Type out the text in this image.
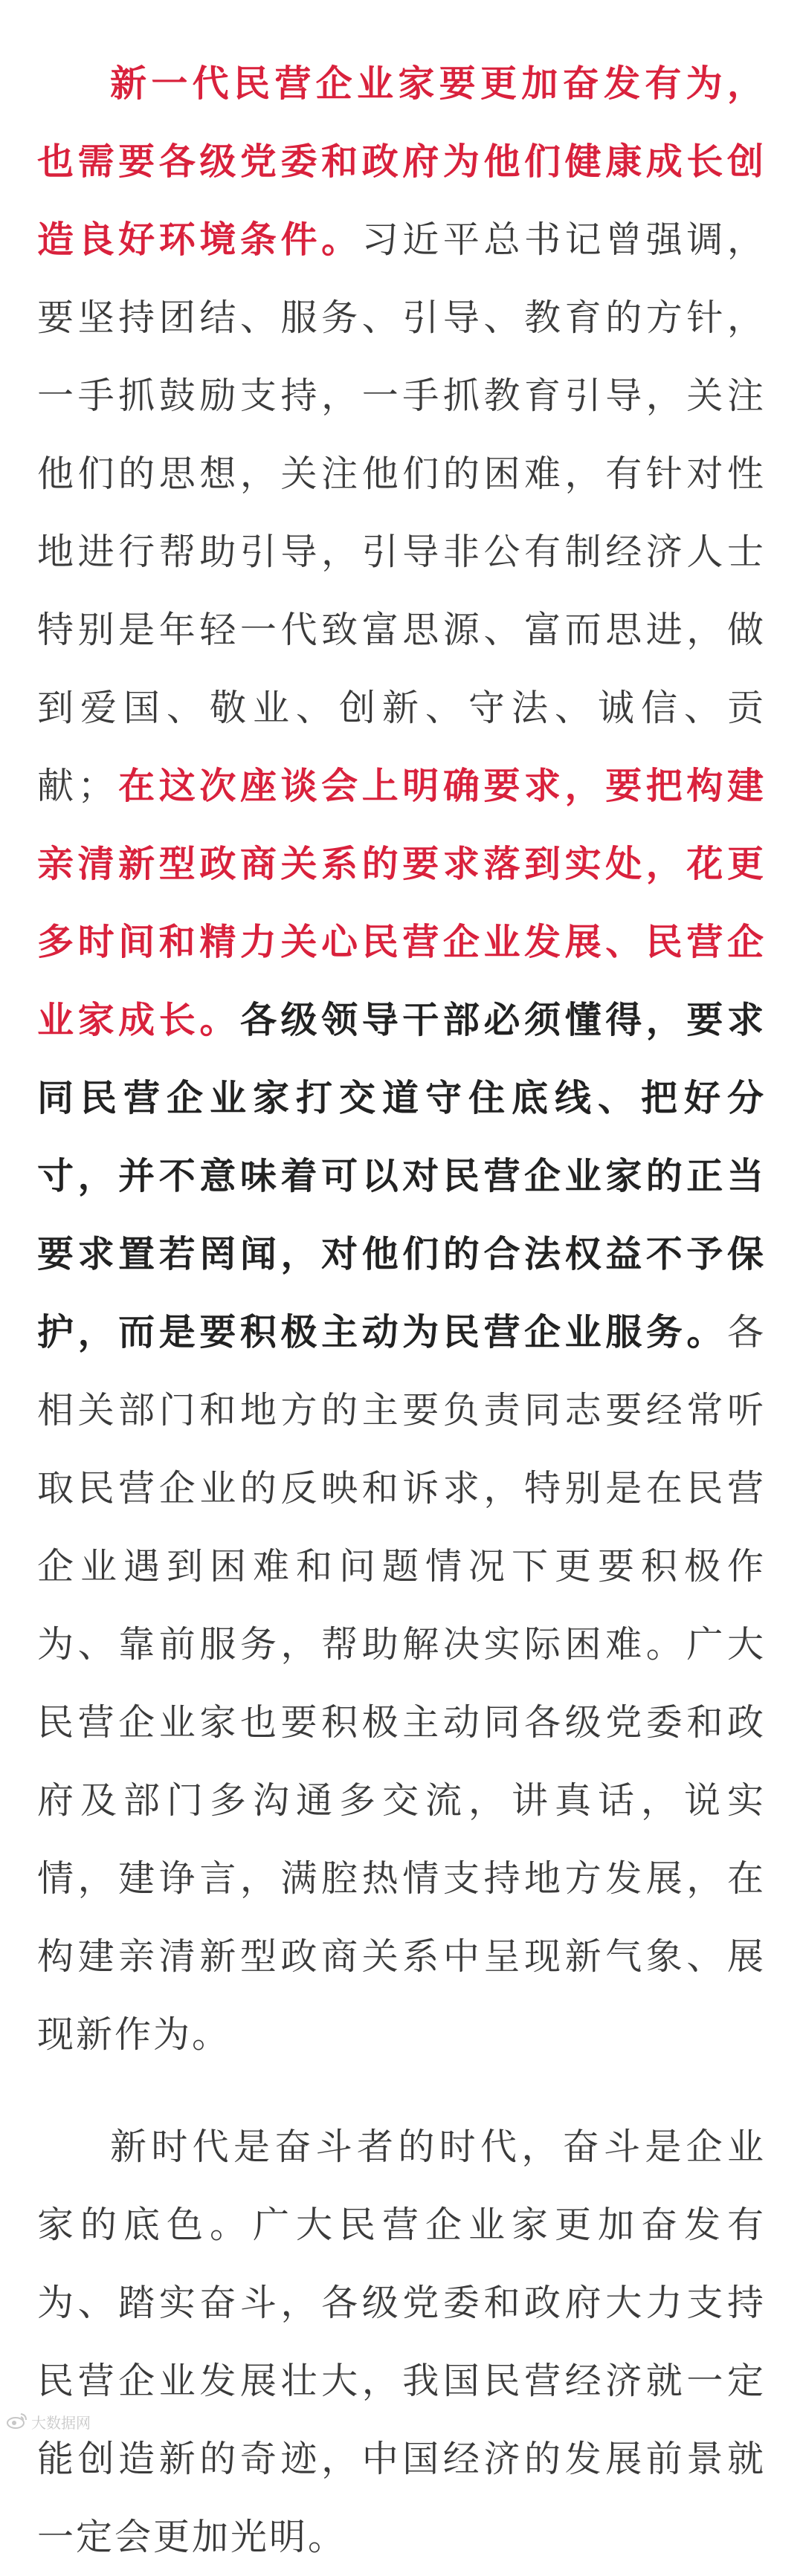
新一代民营企业家要更加奋发有为，也需要各级党委和政府为他们健康成长创造良好环境条件。习近平总书记曾强调，要坚持团结、服务、引导、教育的方针，一手抓鼓励支持，一手抓教育引导，关注他们的思想，关注他们的困难，有针对性地进行帮助引导，引导非公有制经济人士特别是年轻一代致富思源、富而思进，做到爱国、敬业、创新、守法、诚信、贡献；在这次座谈会上明确要求，要把构建亲清新型政商关系的要求落到实处，花更多时间和精力关心民营企业发展、民营企业家成长。各级领导干部必须懂得，要求同民营企业家打交道守住底线、把好分寸，并不意味着可以对民营企业家的正当要求置若罔闻，对他们的合法权益不予保护，而是要积极主动为民营企业服务。各相关部门和地方的主要负责同志要经常听取民营企业的反映和诉求，特别是在民营企业遇到困难和问题情况下更要积极作为、靠前服务，帮助解决实际困难。广大民营企业家也要积极主动同各级党委和政府及部门多沟通多交流，讲真话，说实情，建诤言，满腔热情支持地方发展，在构建亲清新型政商关系中呈现新气象、展现新作为。

新时代是奋斗者的时代，奋斗是企业家的底色。广大民营企业家更加奋发有为、踏实奋斗，各级党委和政府大力支持民营企业发展壮大，我国民营经济就一定能创造新的奇迹，中国经济的发展前景就一定会更加光明。

大数据网
